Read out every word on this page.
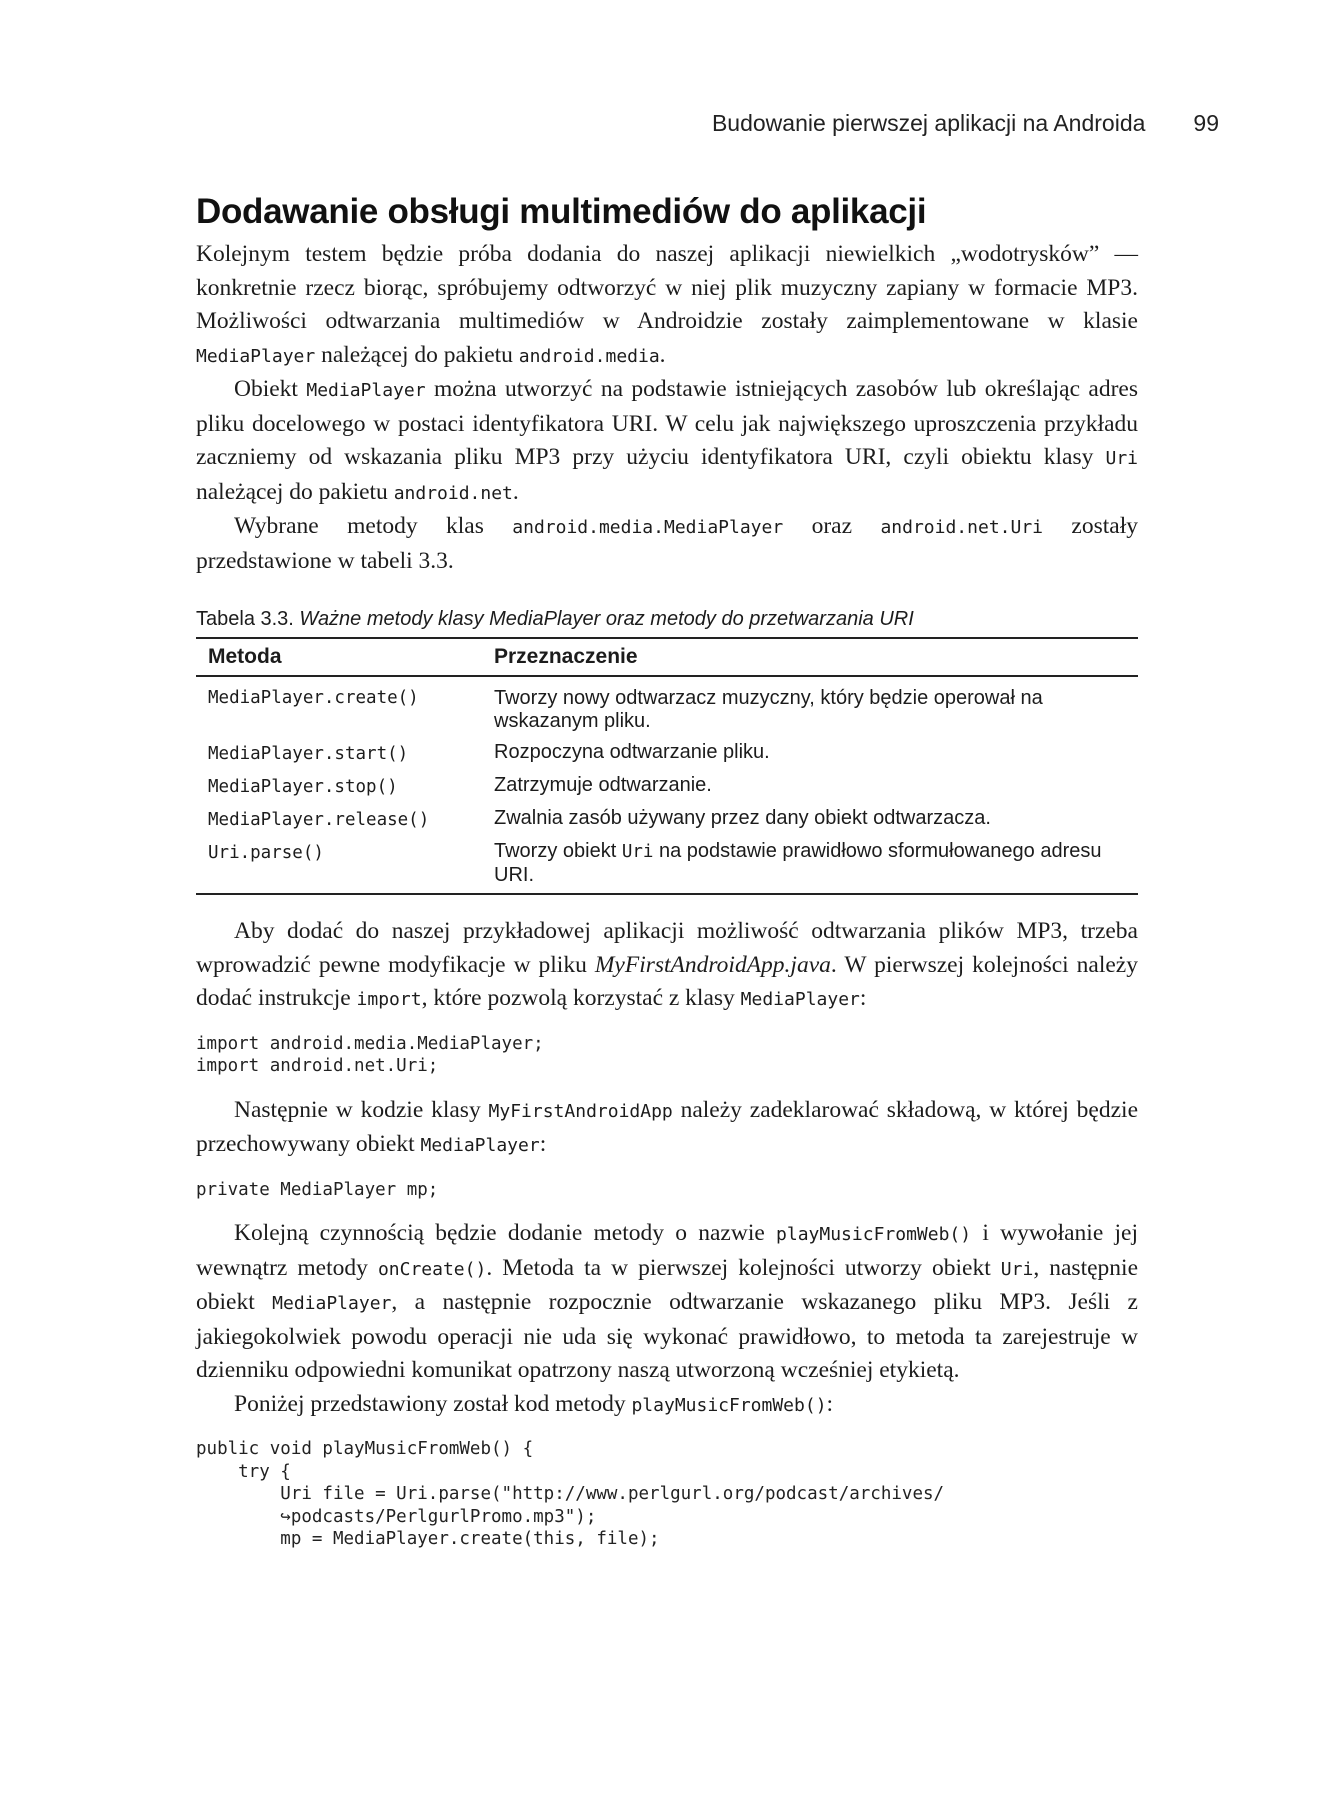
Budowanie pierwszej aplikacji na Androida 99
Dodawanie obsługi multimediów do aplikacji

Kolejnym testem będzie próba dodania do naszej aplikacji niewielkich „wodotrysków” — konkretnie rzecz biorąc, spróbujemy odtworzyć w niej plik muzyczny zapiany w formacie MP3. Możliwości odtwarzania multimediów w Androidzie zostały zaimplementowane w klasie MediaPlayer należącej do pakietu android.media.

Obiekt MediaPlayer można utworzyć na podstawie istniejących zasobów lub określając adres pliku docelowego w postaci identyfikatora URI. W celu jak największego uproszczenia przykładu zaczniemy od wskazania pliku MP3 przy użyciu identyfikatora URI, czyli obiektu klasy Uri należącej do pakietu android.net.

Wybrane metody klas android.media.MediaPlayer oraz android.net.Uri zostały przedstawione w tabeli 3.3.

Tabela 3.3. Ważne metody klasy MediaPlayer oraz metody do przetwarzania URI
Metoda	Przeznaczenie
MediaPlayer.create()	Tworzy nowy odtwarzacz muzyczny, który będzie operował na wskazanym pliku.
MediaPlayer.start()	Rozpoczyna odtwarzanie pliku.
MediaPlayer.stop()	Zatrzymuje odtwarzanie.
MediaPlayer.release()	Zwalnia zasób używany przez dany obiekt odtwarzacza.
Uri.parse()	Tworzy obiekt Uri na podstawie prawidłowo sformułowanego adresu URI.

Aby dodać do naszej przykładowej aplikacji możliwość odtwarzania plików MP3, trzeba wprowadzić pewne modyfikacje w pliku MyFirstAndroidApp.java. W pierwszej kolejności należy dodać instrukcje import, które pozwolą korzystać z klasy MediaPlayer:

import android.media.MediaPlayer;
import android.net.Uri;

Następnie w kodzie klasy MyFirstAndroidApp należy zadeklarować składową, w której będzie przechowywany obiekt MediaPlayer:

private MediaPlayer mp;

Kolejną czynnością będzie dodanie metody o nazwie playMusicFromWeb() i wywołanie jej wewnątrz metody onCreate(). Metoda ta w pierwszej kolejności utworzy obiekt Uri, następnie obiekt MediaPlayer, a następnie rozpocznie odtwarzanie wskazanego pliku MP3. Jeśli z jakiegokolwiek powodu operacji nie uda się wykonać prawidłowo, to metoda ta zarejestruje w dzienniku odpowiedni komunikat opatrzony naszą utworzoną wcześniej etykietą.

Poniżej przedstawiony został kod metody playMusicFromWeb():

public void playMusicFromWeb() {
try {
Uri file = Uri.parse("http://www.perlgurl.org/podcast/archives/
↪podcasts/PerlgurlPromo.mp3");
mp = MediaPlayer.create(this, file);
